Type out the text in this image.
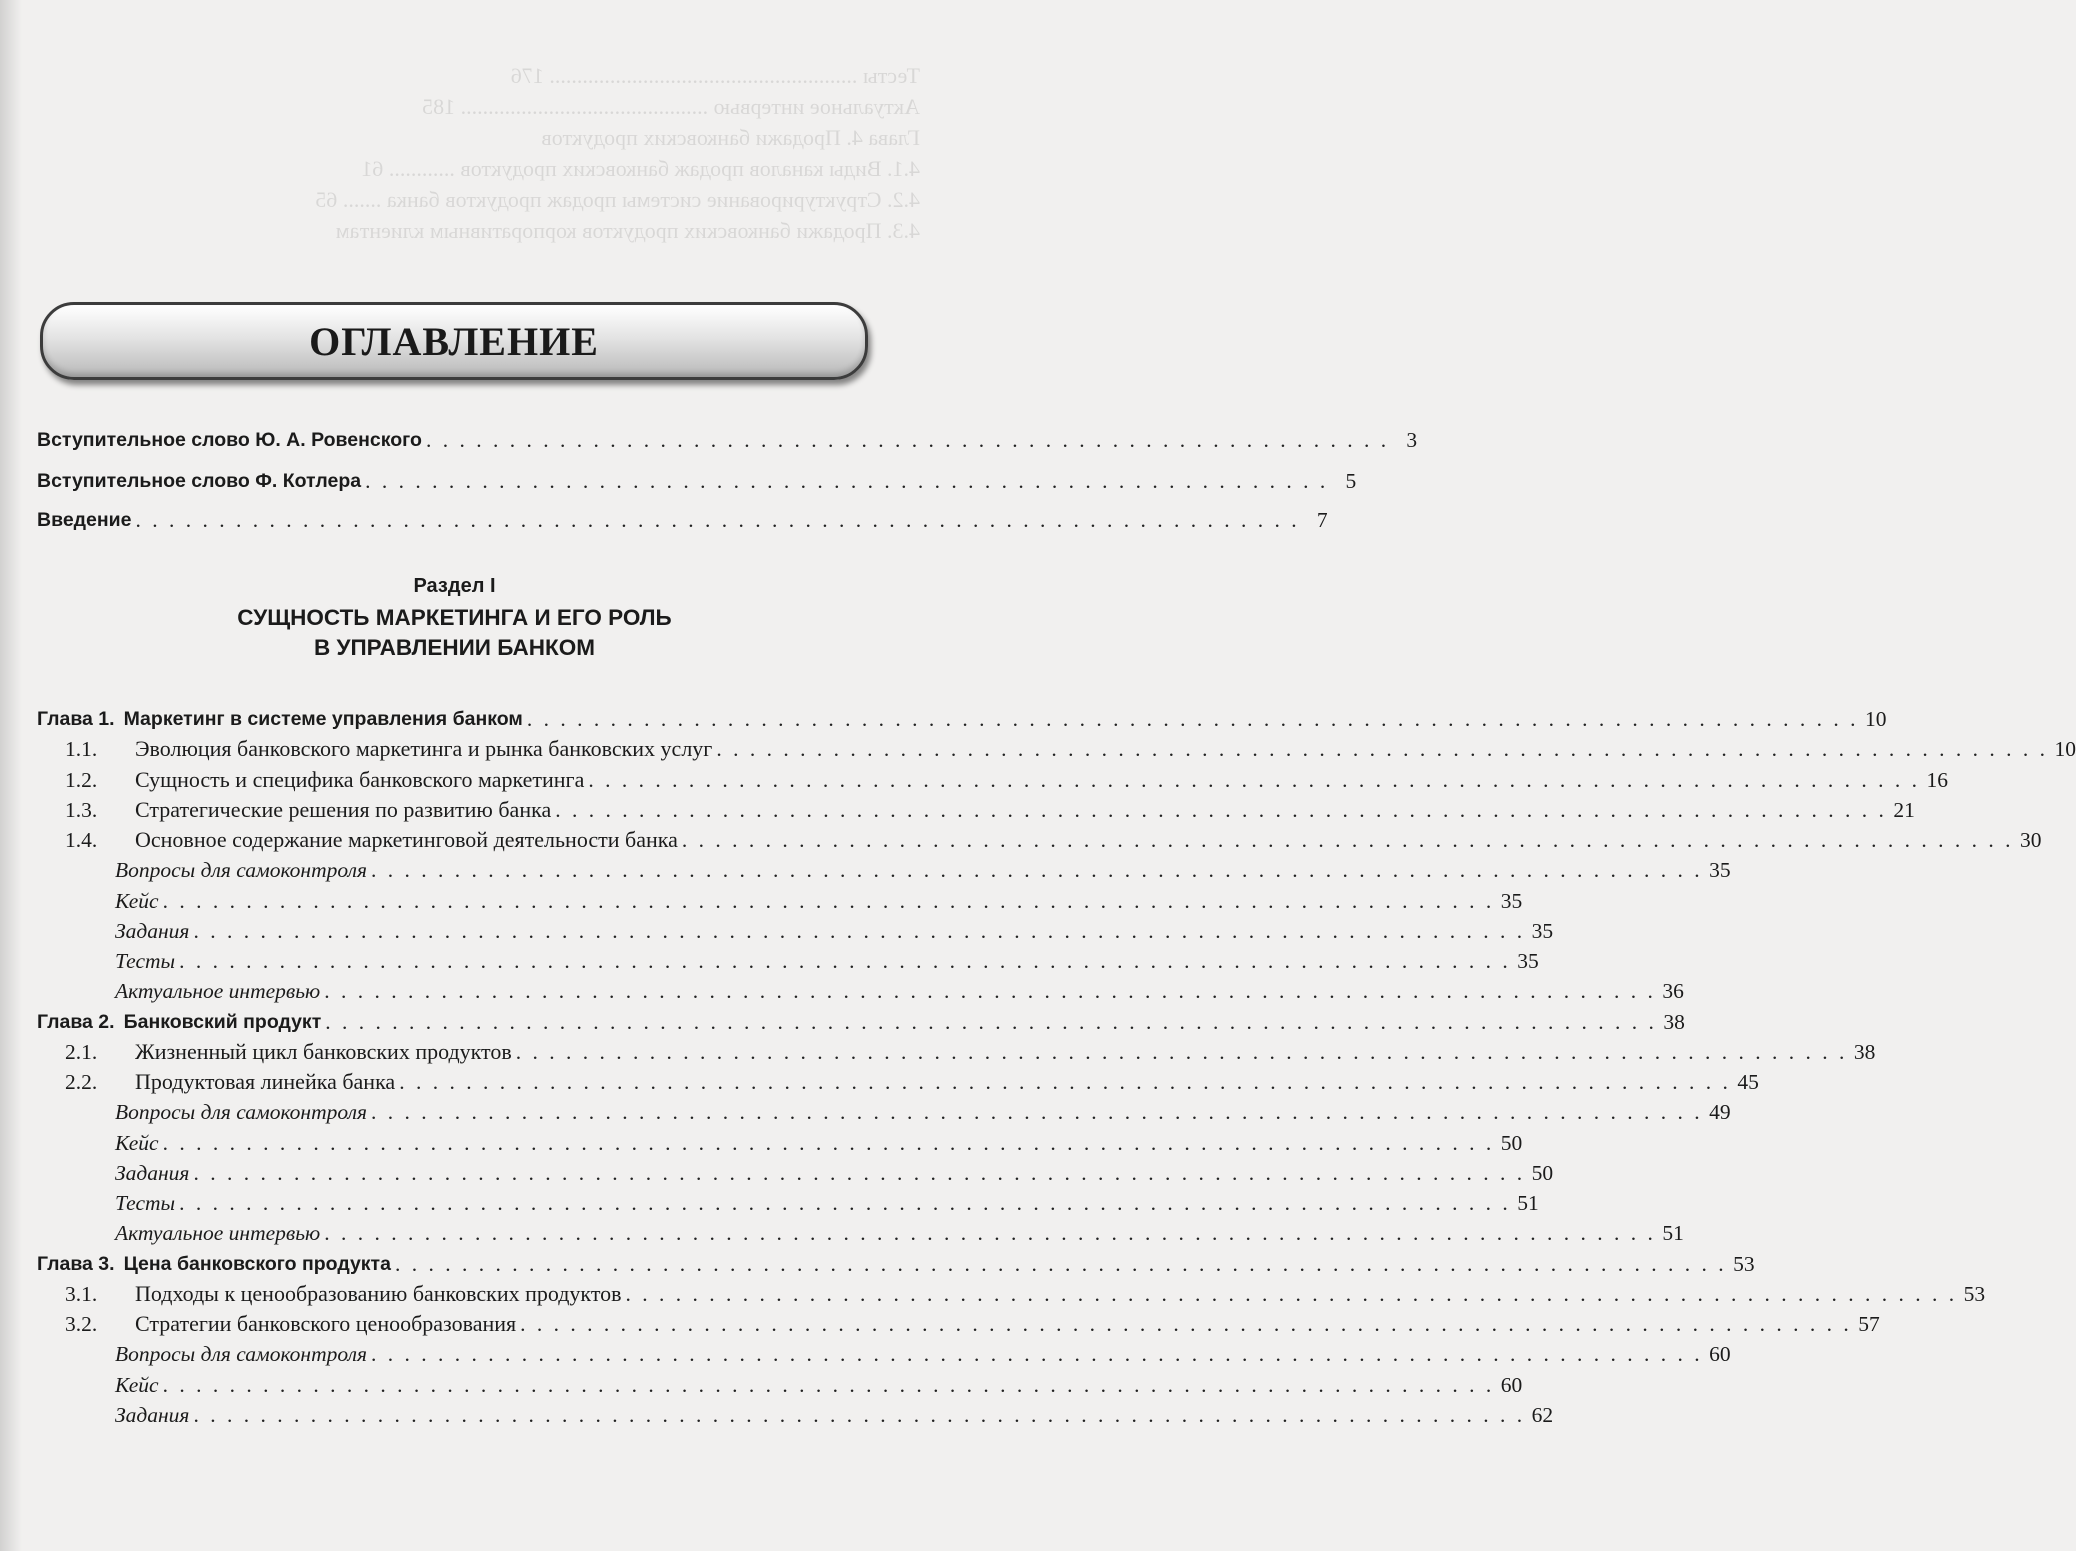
Тесты ........................................................ 176
Актуальное интервью ............................................. 185
Глава 4. Продажи банковских продуктов
4.1. Виды каналов продаж банковских продуктов ............ 61
4.2. Структурирование системы продаж продуктов банка ....... 65
4.3. Продажи банковских продуктов корпоративным клиентам
ОГЛАВЛЕНИЕ
Вступительное слово Ю. А. Ровенского . . . . . . . . . . . . . . . . . . . . . . . . . . . . . . . . . . . . . . . . . . . . . . . . . . . . . . . . . . 3
Вступительное слово Ф. Котлера . . . . . . . . . . . . . . . . . . . . . . . . . . . . . . . . . . . . . . . . . . . . . . . . . . . . . . . . . . 5
Введение . . . . . . . . . . . . . . . . . . . . . . . . . . . . . . . . . . . . . . . . . . . . . . . . . . . . . . . . . . . . . . . . . . . . . . 7
Раздел I
СУЩНОСТЬ МАРКЕТИНГА И ЕГО РОЛЬ
В УПРАВЛЕНИИ БАНКОМ
Глава 1. Маркетинг в системе управления банком . . . . . . . . . . . . . . . . . . . . . . . . . . . . . . . . . . . . . . . . . . . . . . . . . . . . . . . . . . . . . . . . . . . . . . . . . . . . . . . . 10
1.1.	Эволюция банковского маркетинга и рынка банковских услуг . . . . . . . . . . . . . . . . . . . . . . . . . . . . . . . . . . . . . . . . . . . . . . . . . . . . . . . . . . . . . . . . . . . . . . . . . . . . . . . . 10
1.2.	Сущность и специфика банковского маркетинга . . . . . . . . . . . . . . . . . . . . . . . . . . . . . . . . . . . . . . . . . . . . . . . . . . . . . . . . . . . . . . . . . . . . . . . . . . . . . . . . 16
1.3.	Стратегические решения по развитию банка . . . . . . . . . . . . . . . . . . . . . . . . . . . . . . . . . . . . . . . . . . . . . . . . . . . . . . . . . . . . . . . . . . . . . . . . . . . . . . . . 21
1.4.	Основное содержание маркетинговой деятельности банка . . . . . . . . . . . . . . . . . . . . . . . . . . . . . . . . . . . . . . . . . . . . . . . . . . . . . . . . . . . . . . . . . . . . . . . . . . . . . . . . 30
Вопросы для самоконтроля . . . . . . . . . . . . . . . . . . . . . . . . . . . . . . . . . . . . . . . . . . . . . . . . . . . . . . . . . . . . . . . . . . . . . . . . . . . . . . . . 35
Кейс . . . . . . . . . . . . . . . . . . . . . . . . . . . . . . . . . . . . . . . . . . . . . . . . . . . . . . . . . . . . . . . . . . . . . . . . . . . . . . . . 35
Задания . . . . . . . . . . . . . . . . . . . . . . . . . . . . . . . . . . . . . . . . . . . . . . . . . . . . . . . . . . . . . . . . . . . . . . . . . . . . . . . . 35
Тесты . . . . . . . . . . . . . . . . . . . . . . . . . . . . . . . . . . . . . . . . . . . . . . . . . . . . . . . . . . . . . . . . . . . . . . . . . . . . . . . . 35
Актуальное интервью . . . . . . . . . . . . . . . . . . . . . . . . . . . . . . . . . . . . . . . . . . . . . . . . . . . . . . . . . . . . . . . . . . . . . . . . . . . . . . . . 36
Глава 2. Банковский продукт . . . . . . . . . . . . . . . . . . . . . . . . . . . . . . . . . . . . . . . . . . . . . . . . . . . . . . . . . . . . . . . . . . . . . . . . . . . . . . . . 38
2.1.	Жизненный цикл банковских продуктов . . . . . . . . . . . . . . . . . . . . . . . . . . . . . . . . . . . . . . . . . . . . . . . . . . . . . . . . . . . . . . . . . . . . . . . . . . . . . . . . 38
2.2.	Продуктовая линейка банка . . . . . . . . . . . . . . . . . . . . . . . . . . . . . . . . . . . . . . . . . . . . . . . . . . . . . . . . . . . . . . . . . . . . . . . . . . . . . . . . 45
Вопросы для самоконтроля . . . . . . . . . . . . . . . . . . . . . . . . . . . . . . . . . . . . . . . . . . . . . . . . . . . . . . . . . . . . . . . . . . . . . . . . . . . . . . . . 49
Кейс . . . . . . . . . . . . . . . . . . . . . . . . . . . . . . . . . . . . . . . . . . . . . . . . . . . . . . . . . . . . . . . . . . . . . . . . . . . . . . . . 50
Задания . . . . . . . . . . . . . . . . . . . . . . . . . . . . . . . . . . . . . . . . . . . . . . . . . . . . . . . . . . . . . . . . . . . . . . . . . . . . . . . . 50
Тесты . . . . . . . . . . . . . . . . . . . . . . . . . . . . . . . . . . . . . . . . . . . . . . . . . . . . . . . . . . . . . . . . . . . . . . . . . . . . . . . . 51
Актуальное интервью . . . . . . . . . . . . . . . . . . . . . . . . . . . . . . . . . . . . . . . . . . . . . . . . . . . . . . . . . . . . . . . . . . . . . . . . . . . . . . . . 51
Глава 3. Цена банковского продукта . . . . . . . . . . . . . . . . . . . . . . . . . . . . . . . . . . . . . . . . . . . . . . . . . . . . . . . . . . . . . . . . . . . . . . . . . . . . . . . . 53
3.1.	Подходы к ценообразованию банковских продуктов . . . . . . . . . . . . . . . . . . . . . . . . . . . . . . . . . . . . . . . . . . . . . . . . . . . . . . . . . . . . . . . . . . . . . . . . . . . . . . . . 53
3.2.	Стратегии банковского ценообразования . . . . . . . . . . . . . . . . . . . . . . . . . . . . . . . . . . . . . . . . . . . . . . . . . . . . . . . . . . . . . . . . . . . . . . . . . . . . . . . . 57
Вопросы для самоконтроля . . . . . . . . . . . . . . . . . . . . . . . . . . . . . . . . . . . . . . . . . . . . . . . . . . . . . . . . . . . . . . . . . . . . . . . . . . . . . . . . 60
Кейс . . . . . . . . . . . . . . . . . . . . . . . . . . . . . . . . . . . . . . . . . . . . . . . . . . . . . . . . . . . . . . . . . . . . . . . . . . . . . . . . 60
Задания . . . . . . . . . . . . . . . . . . . . . . . . . . . . . . . . . . . . . . . . . . . . . . . . . . . . . . . . . . . . . . . . . . . . . . . . . . . . . . . . 62
